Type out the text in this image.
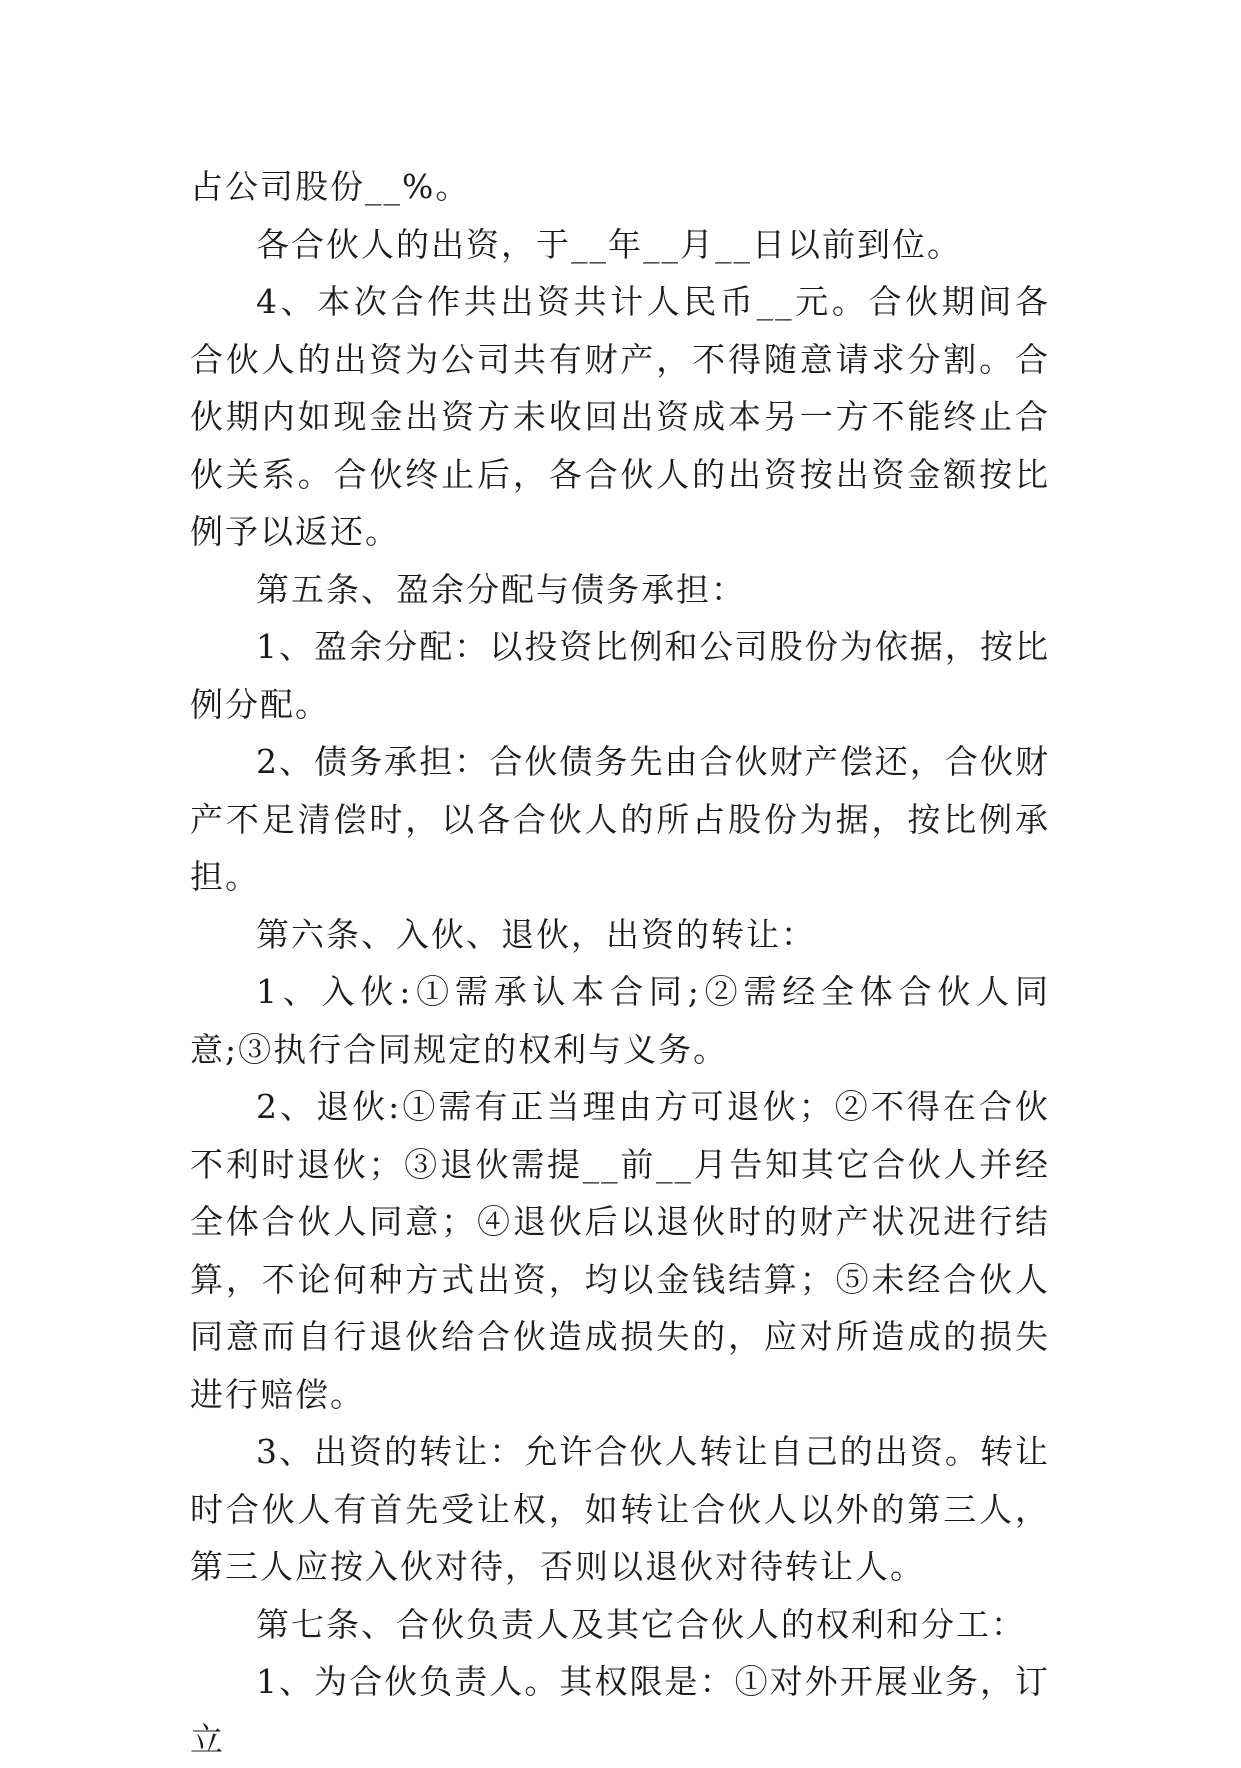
占公司股份__%。

各合伙人的出资，于__年__月__日以前到位。

4、本次合作共出资共计人民币__元。合伙期间各合伙人的出资为公司共有财产，不得随意请求分割。合伙期内如现金出资方未收回出资成本另一方不能终止合伙关系。合伙终止后，各合伙人的出资按出资金额按比例予以返还。

第五条、盈余分配与债务承担：

1、盈余分配：以投资比例和公司股份为依据，按比例分配。

2、债务承担：合伙债务先由合伙财产偿还，合伙财产不足清偿时，以各合伙人的所占股份为据，按比例承担。

第六条、入伙、退伙，出资的转让：

1、入伙:①需承认本合同;②需经全体合伙人同意;③执行合同规定的权利与义务。

2、退伙:①需有正当理由方可退伙；②不得在合伙不利时退伙；③退伙需提__前__月告知其它合伙人并经全体合伙人同意；④退伙后以退伙时的财产状况进行结算，不论何种方式出资，均以金钱结算；⑤未经合伙人同意而自行退伙给合伙造成损失的，应对所造成的损失进行赔偿。

3、出资的转让：允许合伙人转让自己的出资。转让时合伙人有首先受让权，如转让合伙人以外的第三人，第三人应按入伙对待，否则以退伙对待转让人。

第七条、合伙负责人及其它合伙人的权利和分工：

1、为合伙负责人。其权限是：①对外开展业务，订立
